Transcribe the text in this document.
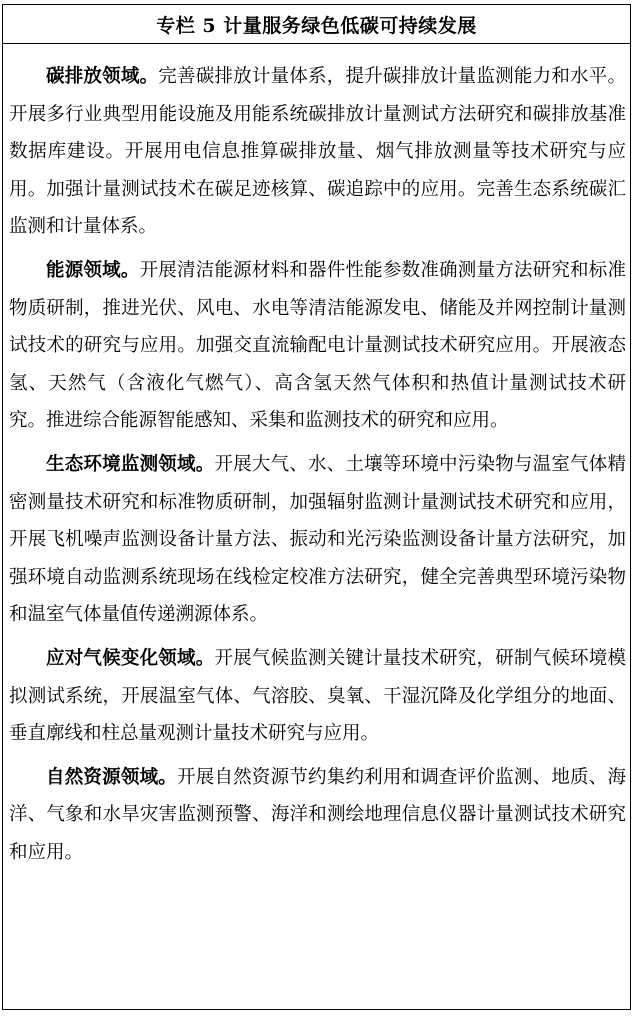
专栏 5 计量服务绿色低碳可持续发展

碳排放领域。完善碳排放计量体系，提升碳排放计量监测能力和水平。开展多行业典型用能设施及用能系统碳排放计量测试方法研究和碳排放基准数据库建设。开展用电信息推算碳排放量、烟气排放测量等技术研究与应用。加强计量测试技术在碳足迹核算、碳追踪中的应用。完善生态系统碳汇监测和计量体系。

能源领域。开展清洁能源材料和器件性能参数准确测量方法研究和标准物质研制，推进光伏、风电、水电等清洁能源发电、储能及并网控制计量测试技术的研究与应用。加强交直流输配电计量测试技术研究应用。开展液态氢、天然气（含液化气燃气）、高含氢天然气体积和热值计量测试技术研究。推进综合能源智能感知、采集和监测技术的研究和应用。

生态环境监测领域。开展大气、水、土壤等环境中污染物与温室气体精密测量技术研究和标准物质研制，加强辐射监测计量测试技术研究和应用，开展飞机噪声监测设备计量方法、振动和光污染监测设备计量方法研究，加强环境自动监测系统现场在线检定校准方法研究，健全完善典型环境污染物和温室气体量值传递溯源体系。

应对气候变化领域。开展气候监测关键计量技术研究，研制气候环境模拟测试系统，开展温室气体、气溶胶、臭氧、干湿沉降及化学组分的地面、垂直廓线和柱总量观测计量技术研究与应用。

自然资源领域。开展自然资源节约集约利用和调查评价监测、地质、海洋、气象和水旱灾害监测预警、海洋和测绘地理信息仪器计量测试技术研究和应用。
